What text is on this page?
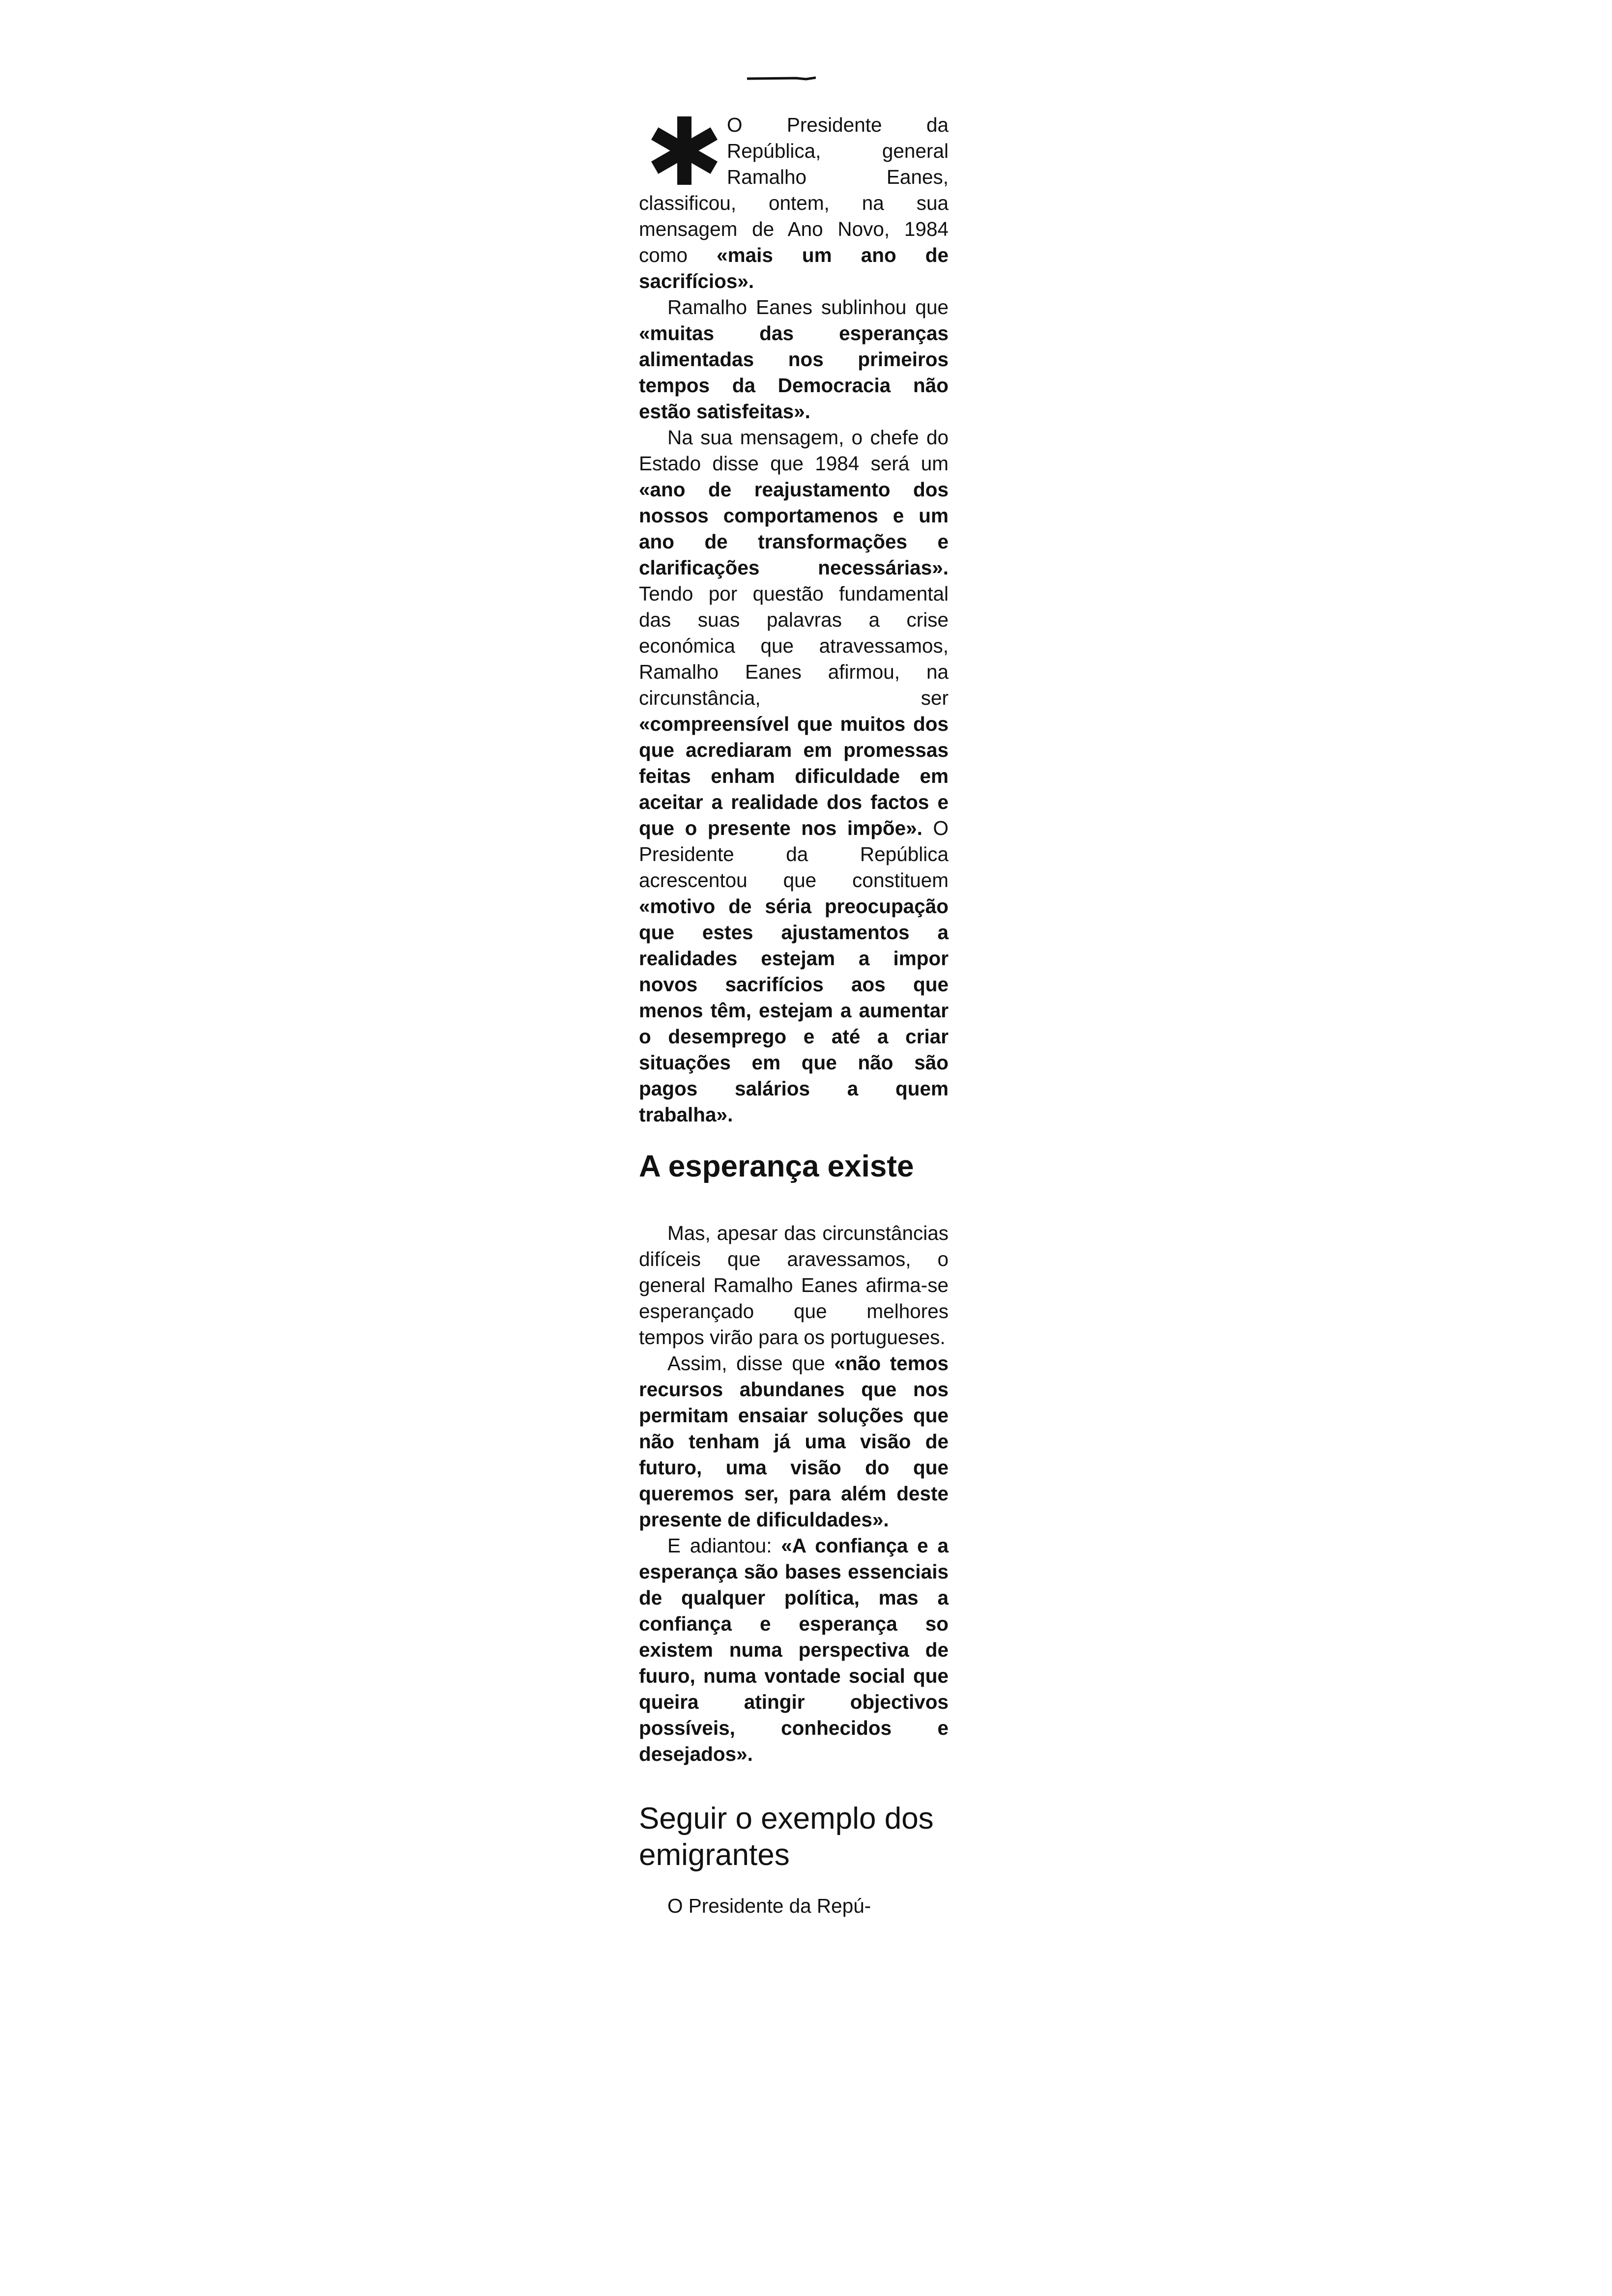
O Presidente da República, general Ramalho Eanes, classificou, ontem, na sua mensagem de Ano Novo, 1984 como «mais um ano de sacrifícios».

Ramalho Eanes sublinhou que «muitas das esperanças alimentadas nos primeiros tempos da Democracia não estão satisfeitas».

Na sua mensagem, o chefe do Estado disse que 1984 será um «ano de reajustamento dos nossos comportamenos e um ano de transformações e clarificações necessárias». Tendo por questão fundamental das suas palavras a crise económica que atravessamos, Ramalho Eanes afirmou, na circunstância, ser «compreensível que muitos dos que acrediaram em promessas feitas enham dificuldade em aceitar a realidade dos factos e que o presente nos impõe». O Presidente da República acrescentou que constituem «motivo de séria preocupação que estes ajustamentos a realidades estejam a impor novos sacrifícios aos que menos têm, estejam a aumentar o desemprego e até a criar situações em que não são pagos salários a quem trabalha».

A esperança existe

Mas, apesar das circunstâncias difíceis que aravessamos, o general Ramalho Eanes afirma-se esperançado que melhores tempos virão para os portugueses.

Assim, disse que «não temos recursos abundanes que nos permitam ensaiar soluções que não tenham já uma visão de futuro, uma visão do que queremos ser, para além deste presente de dificuldades».

E adiantou: «A confiança e a esperança são bases essenciais de qualquer política, mas a confiança e esperança so existem numa perspectiva de fuuro, numa vontade social que queira atingir objectivos possíveis, conhecidos e desejados».

Seguir o exemplo dos emigrantes

O Presidente da Repú-
